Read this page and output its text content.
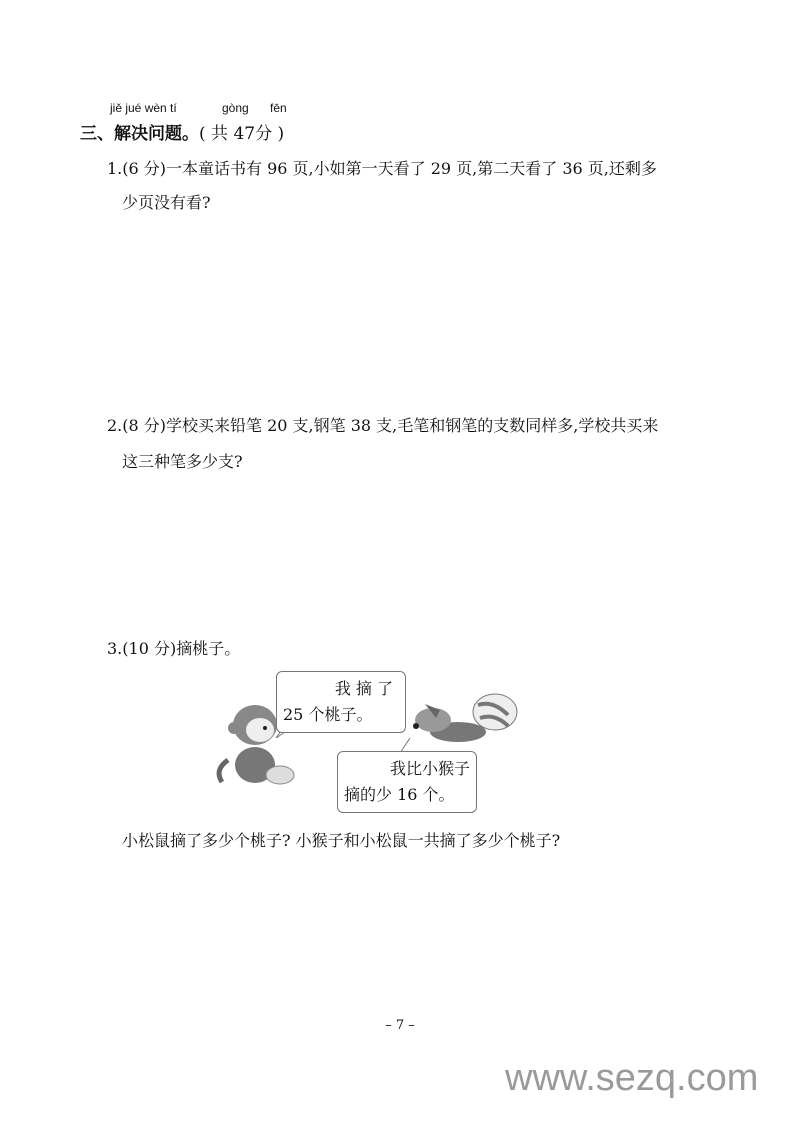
jiě jué wèn tí	gòng fēn
三、解决问题。( 共 47分 )
1.(6 分)一本童话书有 96 页,小如第一天看了 29 页,第二天看了 36 页,还剩多
少页没有看?
2.(8 分)学校买来铅笔 20 支,钢笔 38 支,毛笔和钢笔的支数同样多,学校共买来
这三种笔多少支?
3.(10 分)摘桃子。
我 摘 了
25 个桃子。
我比小猴子
摘的少 16 个。
小松鼠摘了多少个桃子? 小猴子和小松鼠一共摘了多少个桃子?
– 7 –
www.sezq.com
